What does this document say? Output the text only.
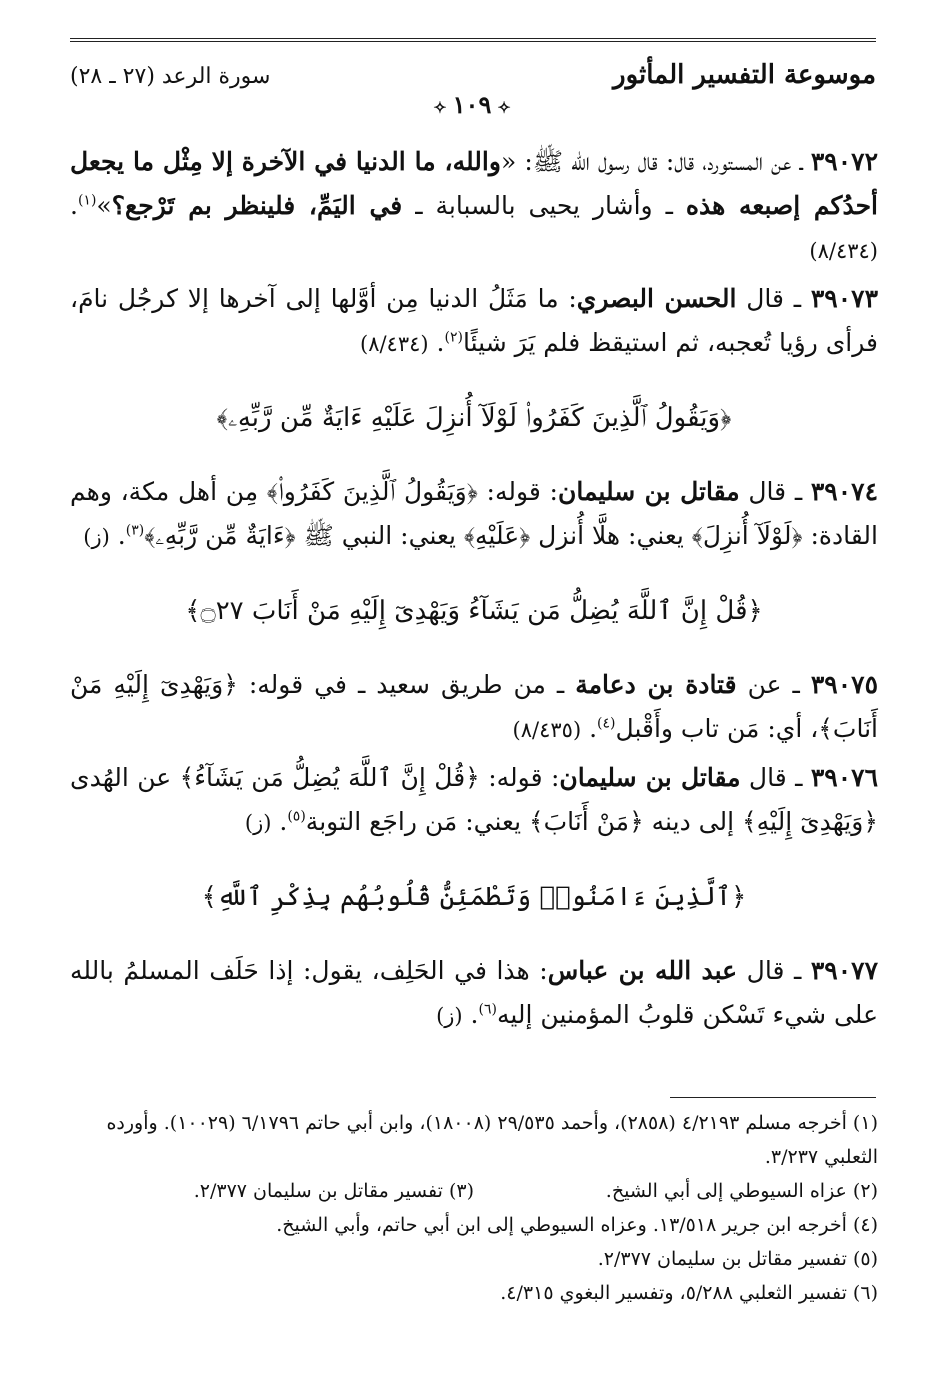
موسوعة التفسير المأثور
سورة الرعد (٢٧ ـ ٢٨)
✧١٠٩✧

٣٩٠٧٢ ـ عن المستورد، قال: قال رسول الله ﷺ: «والله، ما الدنيا في الآخرة إلا مِثْل ما يجعل أحدُكم إصبعه هذه ـ وأشار يحيى بالسبابة ـ في اليَمِّ، فلينظر بم تَرْجع؟»$^{(١)}$. (٨/٤٣٤)

٣٩٠٧٣ ـ قال الحسن البصري: ما مَثَلُ الدنيا مِن أوَّلها إلى آخرها إلا كرجُل نامَ، فرأى رؤيا تُعجبه، ثم استيقظ فلم يَرَ شيئًا$^{(٢)}$. (٨/٤٣٤)

﴿وَيَقُولُ ٱلَّذِينَ كَفَرُوا۟ لَوْلَآ أُنزِلَ عَلَيْهِ ءَايَةٌ مِّن رَّبِّهِۦ﴾

٣٩٠٧٤ ـ قال مقاتل بن سليمان: قوله: ﴿وَيَقُولُ ٱلَّذِينَ كَفَرُوا۟﴾ مِن أهل مكة، وهم القادة: ﴿لَوْلَآ أُنزِلَ﴾ يعني: هلَّا أُنزل ﴿عَلَيْهِ﴾ يعني: النبي ﷺ ﴿ءَايَةٌ مِّن رَّبِّهِۦ﴾$^{(٣)}$. (ز)

﴿قُلْ إِنَّ ٱللَّهَ يُضِلُّ مَن يَشَآءُ وَيَهْدِىٓ إِلَيْهِ مَنْ أَنَابَ ۝٢٧﴾

٣٩٠٧٥ ـ عن قتادة بن دعامة ـ من طريق سعيد ـ في قوله: ﴿وَيَهْدِىٓ إِلَيْهِ مَنْ أَنَابَ﴾، أي: مَن تاب وأَقْبل$^{(٤)}$. (٨/٤٣٥)

٣٩٠٧٦ ـ قال مقاتل بن سليمان: قوله: ﴿قُلْ إِنَّ ٱللَّهَ يُضِلُّ مَن يَشَآءُ﴾ عن الهُدى ﴿وَيَهْدِىٓ إِلَيْهِ﴾ إلى دينه ﴿مَنْ أَنَابَ﴾ يعني: مَن راجَع التوبة$^{(٥)}$. (ز)

﴿ٱلَّذِينَ ءَامَنُوا۟ وَتَطْمَئِنُّ قُلُوبُهُم بِذِكْرِ ٱللَّهِ﴾

٣٩٠٧٧ ـ قال عبد الله بن عباس: هذا في الحَلِف، يقول: إذا حَلَف المسلمُ بالله على شيء تَسْكن قلوبُ المؤمنين إليه$^{(٦)}$. (ز)

(١) أخرجه مسلم ٤/٢١٩٣ (٢٨٥٨)، وأحمد ٢٩/٥٣٥ (١٨٠٠٨)، وابن أبي حاتم ٦/١٧٩٦ (١٠٠٢٩). وأورده الثعلبي ٣/٢٣٧.
(٢) عزاه السيوطي إلى أبي الشيخ.
(٣) تفسير مقاتل بن سليمان ٢/٣٧٧.
(٤) أخرجه ابن جرير ١٣/٥١٨. وعزاه السيوطي إلى ابن أبي حاتم، وأبي الشيخ.
(٥) تفسير مقاتل بن سليمان ٢/٣٧٧.
(٦) تفسير الثعلبي ٥/٢٨٨، وتفسير البغوي ٤/٣١٥.
